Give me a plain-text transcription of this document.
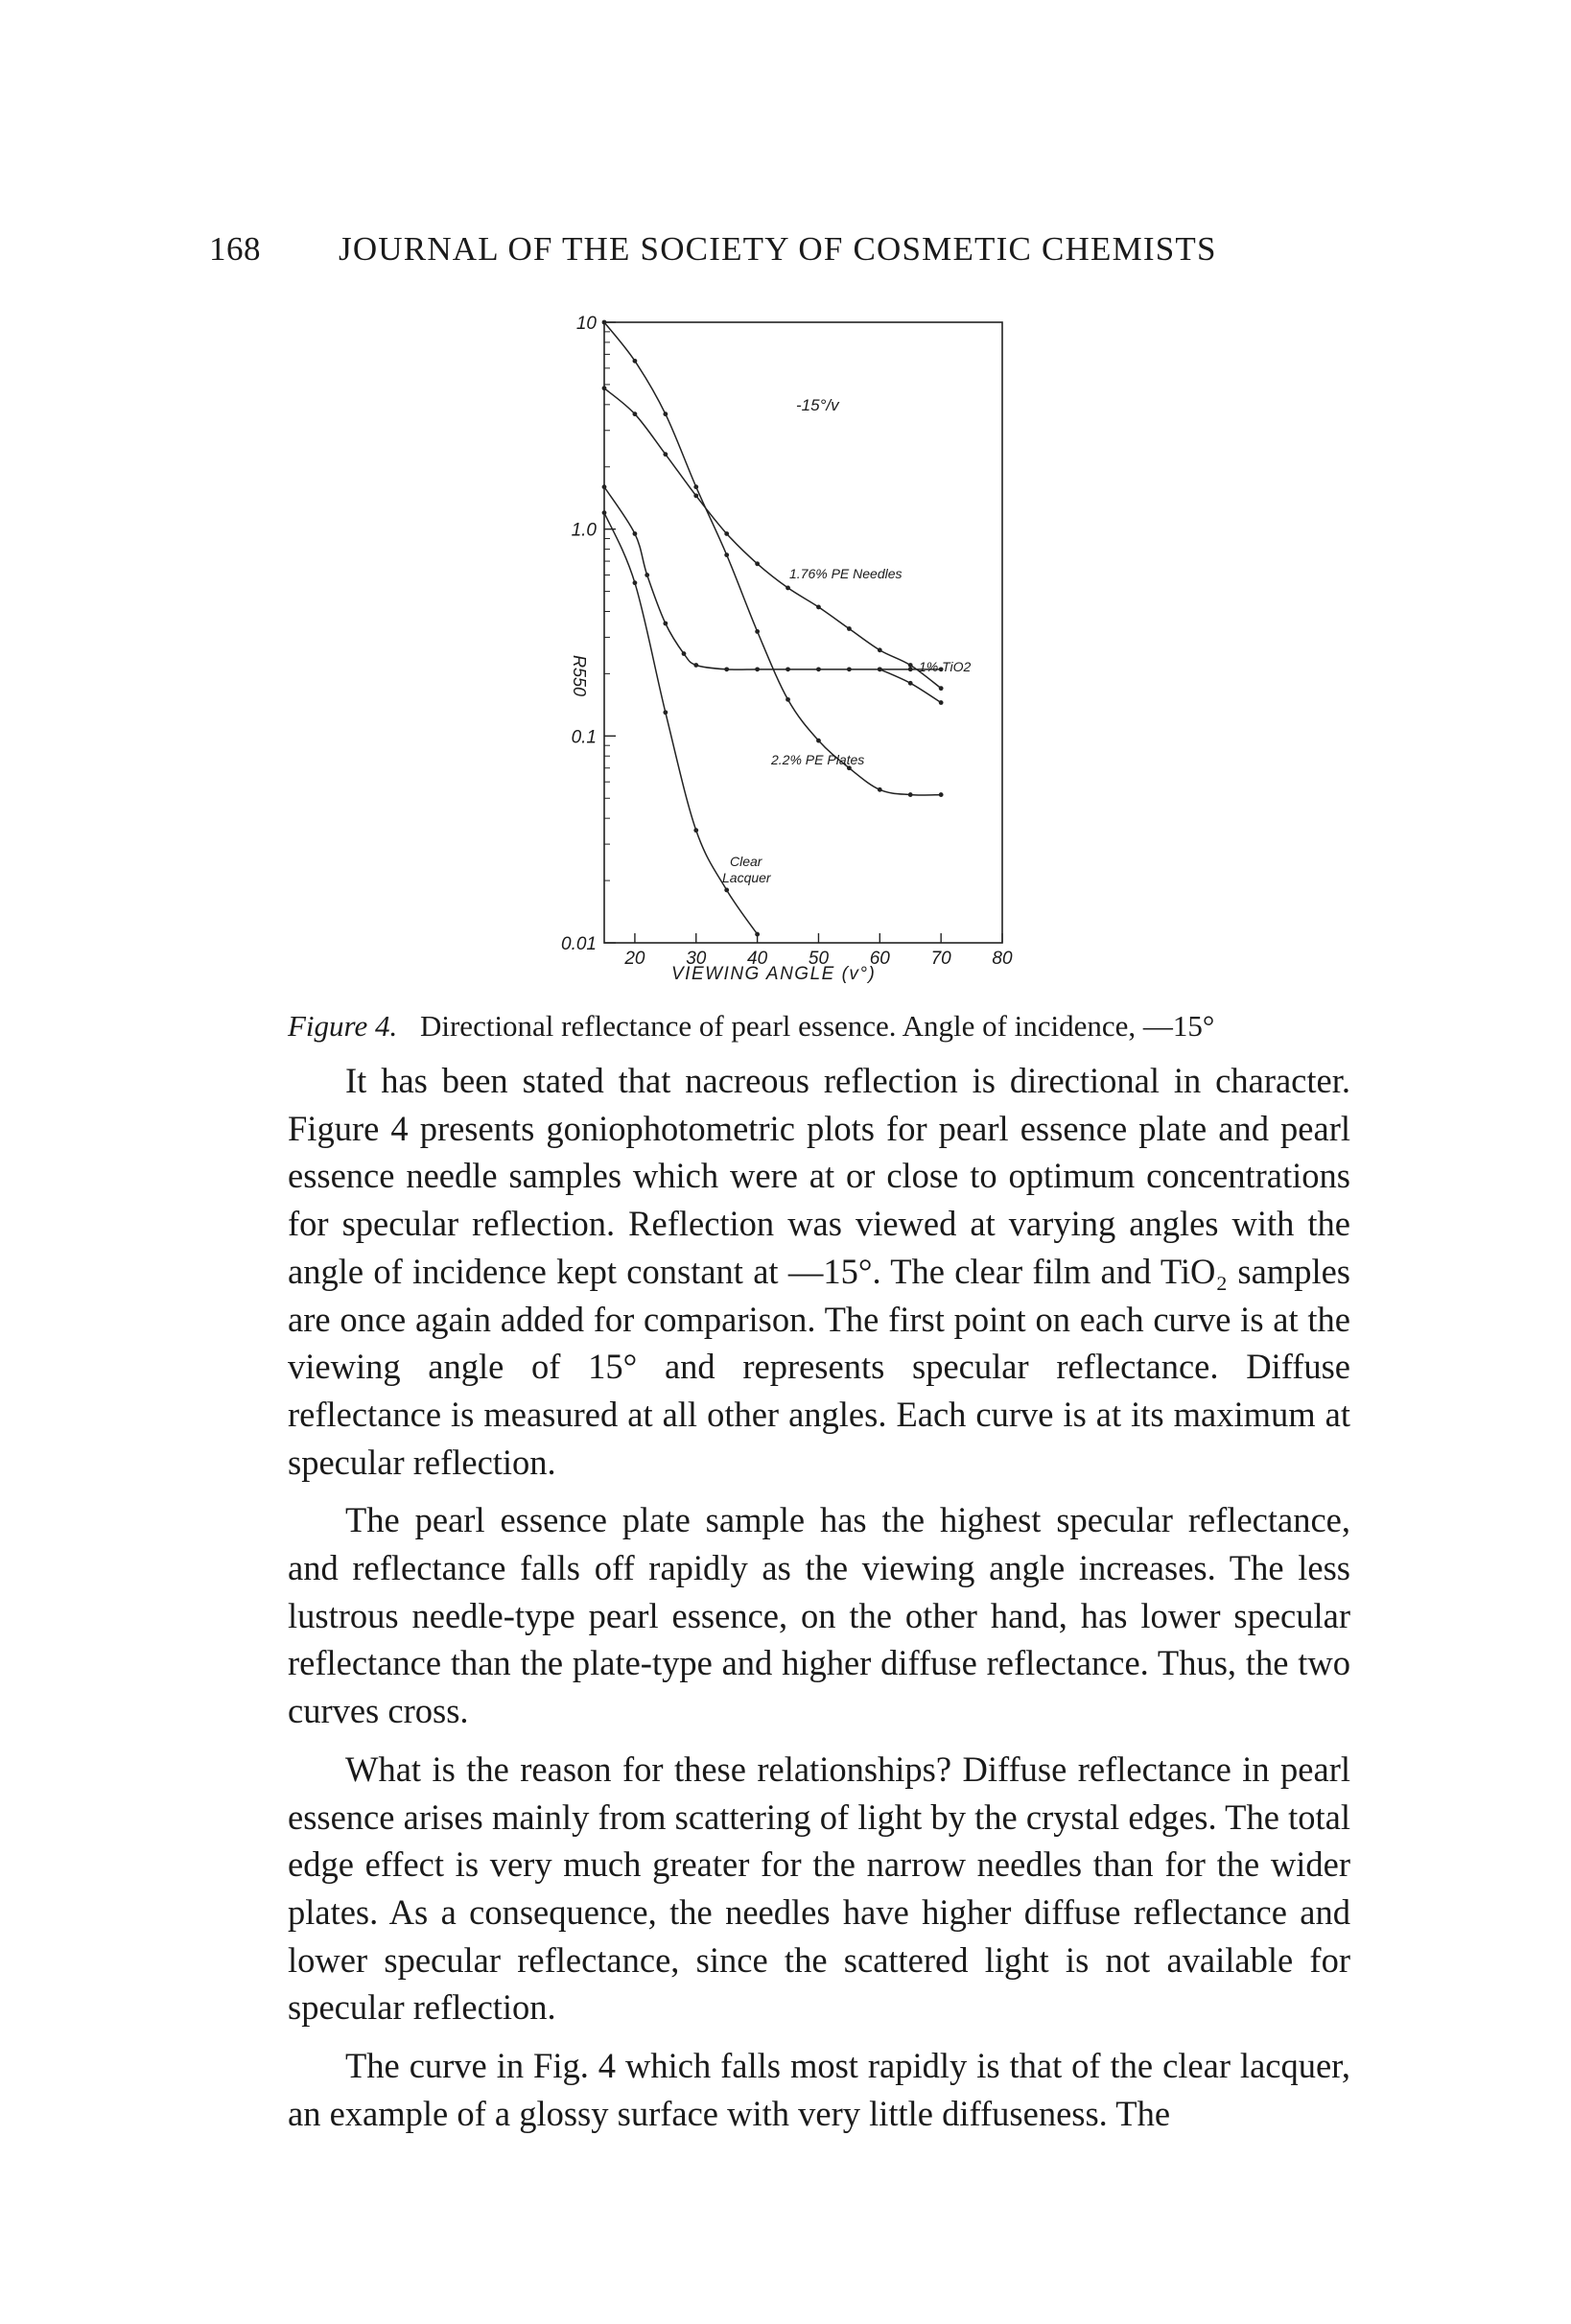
168 JOURNAL OF THE SOCIETY OF COSMETIC CHEMISTS
10
1.0
0.1
0.01
20 30 40 50 60 70 80
-15°/v
VIEWING ANGLE (v°)
R550
1.76% PE Needles
1% TiO2
2.2% PE Plates
Clear
Lacquer
Figure 4. Directional reflectance of pearl essence. Angle of incidence, —15°

It has been stated that nacreous reflection is directional in character. Figure 4 presents goniophotometric plots for pearl essence plate and pearl essence needle samples which were at or close to optimum concentrations for specular reflection. Reflection was viewed at varying angles with the angle of incidence kept constant at —15°. The clear film and TiO₂ samples are once again added for comparison. The first point on each curve is at the viewing angle of 15° and represents specular reflectance. Diffuse reflectance is measured at all other angles. Each curve is at its maximum at specular reflection.

The pearl essence plate sample has the highest specular reflectance, and reflectance falls off rapidly as the viewing angle increases. The less lustrous needle-type pearl essence, on the other hand, has lower specular reflectance than the plate-type and higher diffuse reflectance. Thus, the two curves cross.

What is the reason for these relationships? Diffuse reflectance in pearl essence arises mainly from scattering of light by the crystal edges. The total edge effect is very much greater for the narrow needles than for the wider plates. As a consequence, the needles have higher diffuse reflectance and lower specular reflectance, since the scattered light is not available for specular reflection.

The curve in Fig. 4 which falls most rapidly is that of the clear lacquer, an example of a glossy surface with very little diffuseness. The
